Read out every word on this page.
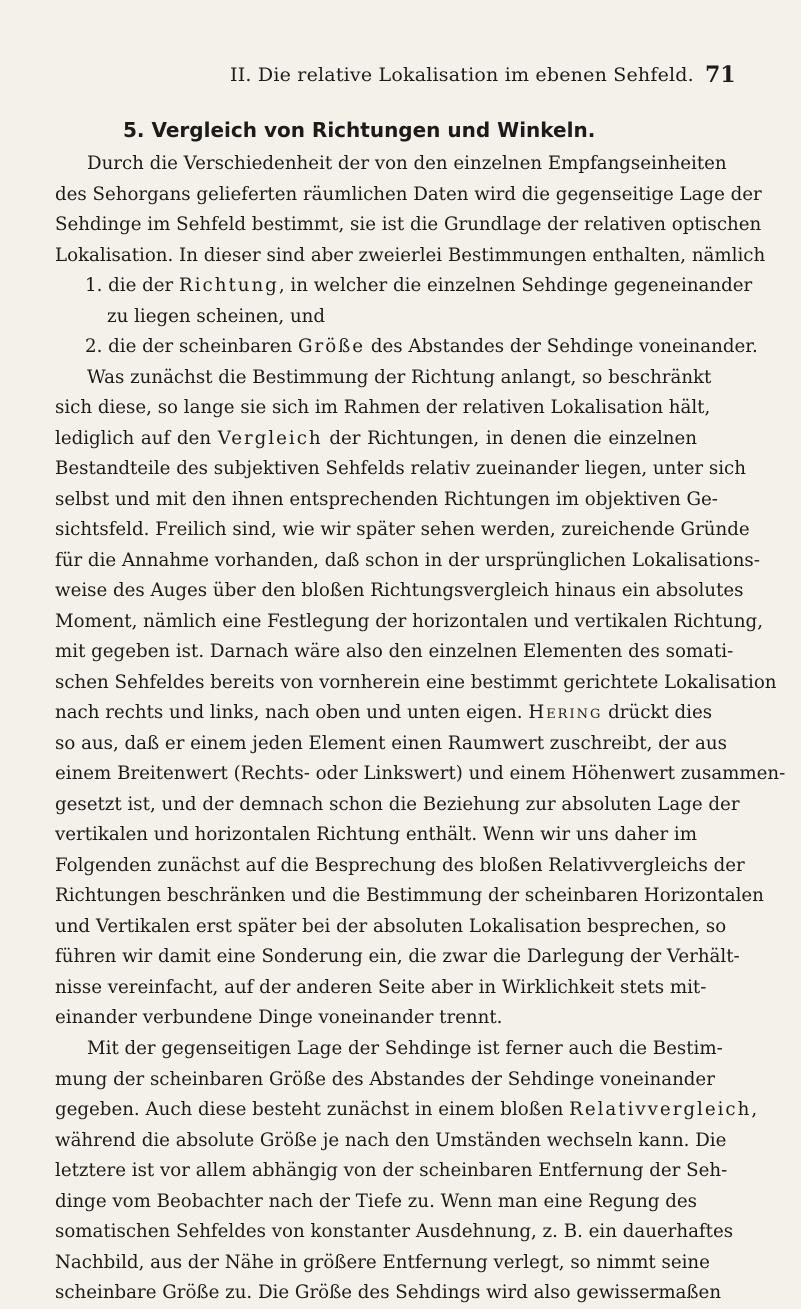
II. Die relative Lokalisation im ebenen Sehfeld. 71
5. Vergleich von Richtungen und Winkeln.
Durch die Verschiedenheit der von den einzelnen Empfangseinheiten
des Sehorgans gelieferten räumlichen Daten wird die gegenseitige Lage der
Sehdinge im Sehfeld bestimmt, sie ist die Grundlage der relativen optischen
Lokalisation. In dieser sind aber zweierlei Bestimmungen enthalten, nämlich
1. die der Richtung, in welcher die einzelnen Sehdinge gegeneinander
zu liegen scheinen, und
2. die der scheinbaren Größe des Abstandes der Sehdinge voneinander.
Was zunächst die Bestimmung der Richtung anlangt, so beschränkt
sich diese, so lange sie sich im Rahmen der relativen Lokalisation hält,
lediglich auf den Vergleich der Richtungen, in denen die einzelnen
Bestandteile des subjektiven Sehfelds relativ zueinander liegen, unter sich
selbst und mit den ihnen entsprechenden Richtungen im objektiven Ge-
sichtsfeld. Freilich sind, wie wir später sehen werden, zureichende Gründe
für die Annahme vorhanden, daß schon in der ursprünglichen Lokalisations-
weise des Auges über den bloßen Richtungsvergleich hinaus ein absolutes
Moment, nämlich eine Festlegung der horizontalen und vertikalen Richtung,
mit gegeben ist. Darnach wäre also den einzelnen Elementen des somati-
schen Sehfeldes bereits von vornherein eine bestimmt gerichtete Lokalisation
nach rechts und links, nach oben und unten eigen. Hering drückt dies
so aus, daß er einem jeden Element einen Raumwert zuschreibt, der aus
einem Breitenwert (Rechts- oder Linkswert) und einem Höhenwert zusammen-
gesetzt ist, und der demnach schon die Beziehung zur absoluten Lage der
vertikalen und horizontalen Richtung enthält. Wenn wir uns daher im
Folgenden zunächst auf die Besprechung des bloßen Relativvergleichs der
Richtungen beschränken und die Bestimmung der scheinbaren Horizontalen
und Vertikalen erst später bei der absoluten Lokalisation besprechen, so
führen wir damit eine Sonderung ein, die zwar die Darlegung der Verhält-
nisse vereinfacht, auf der anderen Seite aber in Wirklichkeit stets mit-
einander verbundene Dinge voneinander trennt.
Mit der gegenseitigen Lage der Sehdinge ist ferner auch die Bestim-
mung der scheinbaren Größe des Abstandes der Sehdinge voneinander
gegeben. Auch diese besteht zunächst in einem bloßen Relativvergleich,
während die absolute Größe je nach den Umständen wechseln kann. Die
letztere ist vor allem abhängig von der scheinbaren Entfernung der Seh-
dinge vom Beobachter nach der Tiefe zu. Wenn man eine Regung des
somatischen Sehfeldes von konstanter Ausdehnung, z. B. ein dauerhaftes
Nachbild, aus der Nähe in größere Entfernung verlegt, so nimmt seine
scheinbare Größe zu. Die Größe des Sehdings wird also gewissermaßen
